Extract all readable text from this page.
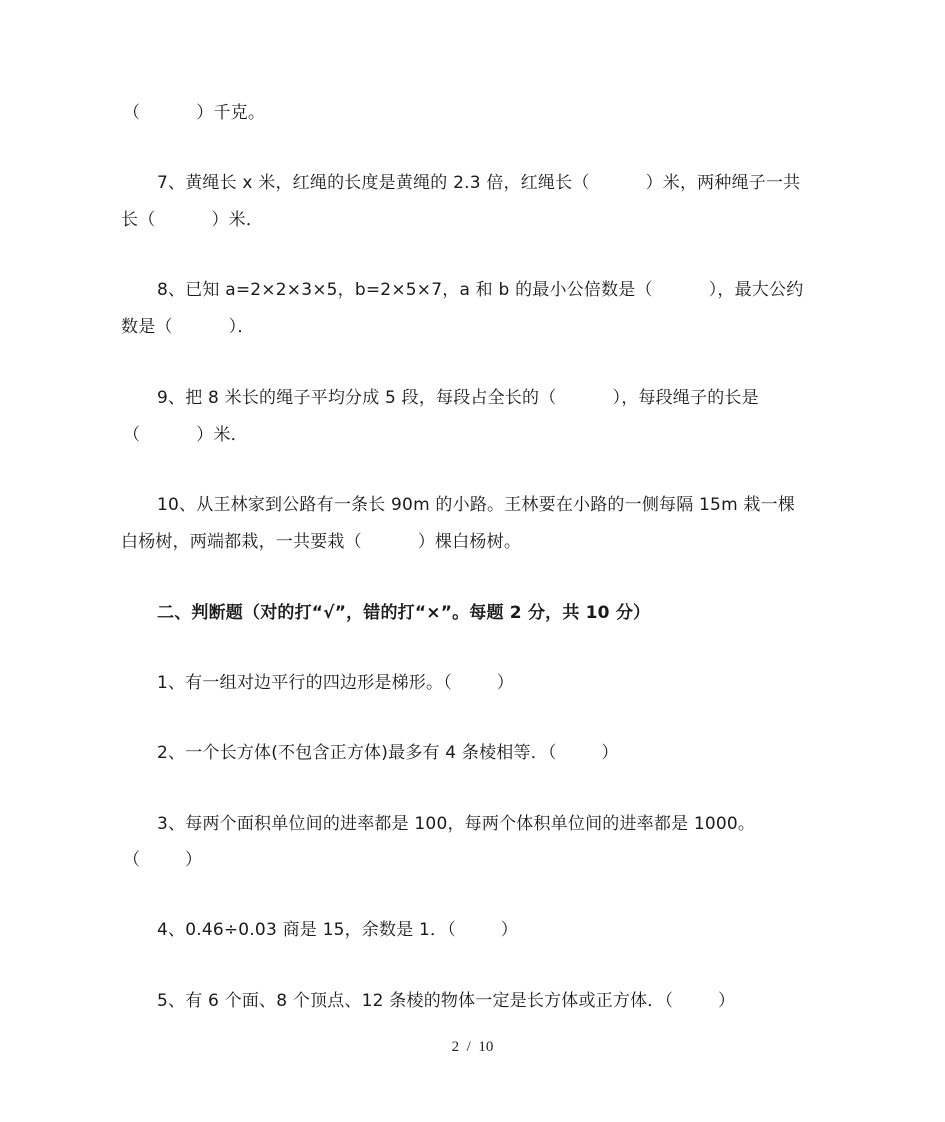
（          ）千克。
7、黄绳长 x 米，红绳的长度是黄绳的 2.3 倍，红绳长（          ）米，两种绳子一共
长（          ）米．
8、已知 a=2×2×3×5，b=2×5×7，a 和 b 的最小公倍数是（          ），最大公约
数是（          ）．
9、把 8 米长的绳子平均分成 5 段，每段占全长的（          ），每段绳子的长是
（          ）米．
10、从王林家到公路有一条长 90m 的小路。王林要在小路的一侧每隔 15m 栽一棵
白杨树，两端都栽，一共要栽（          ）棵白杨树。
二、判断题（对的打“√”，错的打“×”。每题 2 分，共 10 分）
1、有一组对边平行的四边形是梯形。（        ）
2、一个长方体(不包含正方体)最多有 4 条棱相等．（        ）
3、每两个面积单位间的进率都是 100，每两个体积单位间的进率都是 1000。
（        ）
4、0.46÷0.03 商是 15，余数是 1．（        ）
5、有 6 个面、8 个顶点、12 条棱的物体一定是长方体或正方体．（        ）
2  /  10
